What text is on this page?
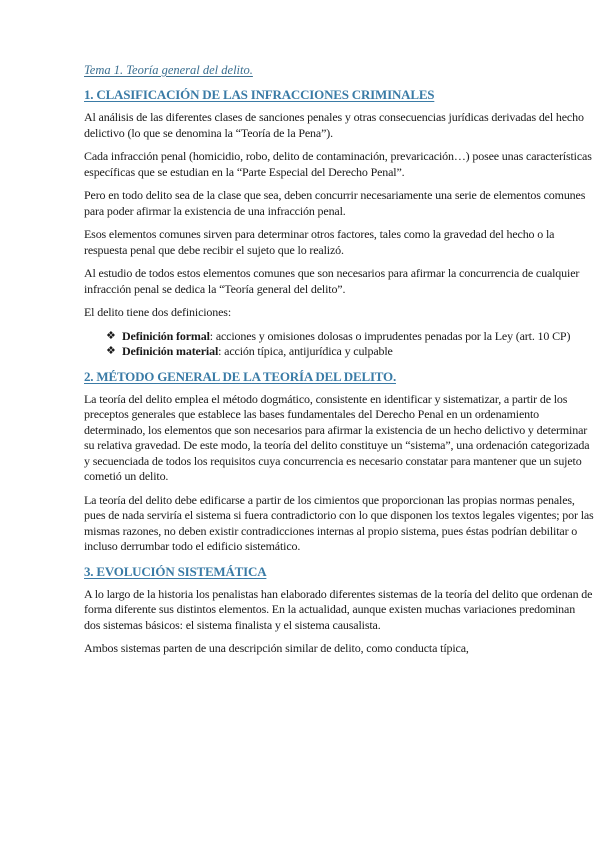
Tema 1. Teoría general del delito.
1. CLASIFICACIÓN DE LAS INFRACCIONES CRIMINALES

Al análisis de las diferentes clases de sanciones penales y otras consecuencias jurídicas derivadas del hecho delictivo (lo que se denomina la “Teoría de la Pena”).

Cada infracción penal (homicidio, robo, delito de contaminación, prevaricación…) posee unas características específicas que se estudian en la “Parte Especial del Derecho Penal”.

Pero en todo delito sea de la clase que sea, deben concurrir necesariamente una serie de elementos comunes para poder afirmar la existencia de una infracción penal.

Esos elementos comunes sirven para determinar otros factores, tales como la gravedad del hecho o la respuesta penal que debe recibir el sujeto que lo realizó.

Al estudio de todos estos elementos comunes que son necesarios para afirmar la concurrencia de cualquier infracción penal se dedica la “Teoría general del delito”.

El delito tiene dos definiciones:

❖ Definición formal: acciones y omisiones dolosas o imprudentes penadas por la Ley (art. 10 CP)
❖ Definición material: acción típica, antijurídica y culpable
2. MÉTODO GENERAL DE LA TEORÍA DEL DELITO.

La teoría del delito emplea el método dogmático, consistente en identificar y sistematizar, a partir de los preceptos generales que establece las bases fundamentales del Derecho Penal en un ordenamiento determinado, los elementos que son necesarios para afirmar la existencia de un hecho delictivo y determinar su relativa gravedad. De este modo, la teoría del delito constituye un “sistema”, una ordenación categorizada y secuenciada de todos los requisitos cuya concurrencia es necesario constatar para mantener que un sujeto cometió un delito.

La teoría del delito debe edificarse a partir de los cimientos que proporcionan las propias normas penales, pues de nada serviría el sistema si fuera contradictorio con lo que disponen los textos legales vigentes; por las mismas razones, no deben existir contradicciones internas al propio sistema, pues éstas podrían debilitar o incluso derrumbar todo el edificio sistemático.

3. EVOLUCIÓN SISTEMÁTICA

A lo largo de la historia los penalistas han elaborado diferentes sistemas de la teoría del delito que ordenan de forma diferente sus distintos elementos. En la actualidad, aunque existen muchas variaciones predominan dos sistemas básicos: el sistema finalista y el sistema causalista.

Ambos sistemas parten de una descripción similar de delito, como conducta típica,
